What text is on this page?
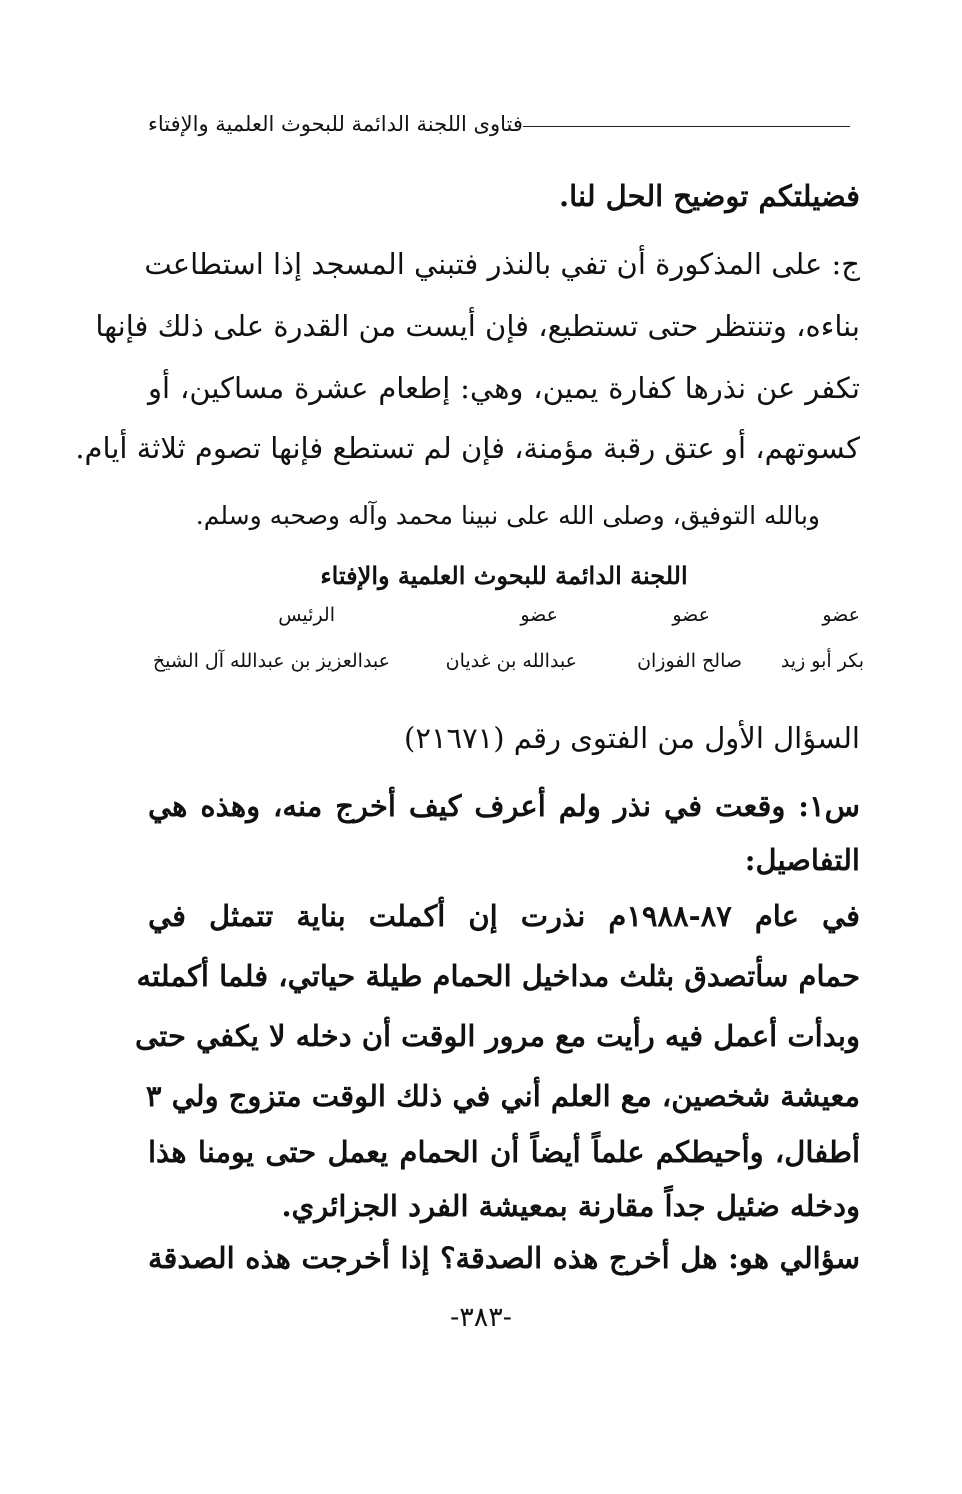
فتاوى اللجنة الدائمة للبحوث العلمية والإفتاء
فضيلتكم توضيح الحل لنا.
ج: على المذكورة أن تفي بالنذر فتبني المسجد إذا استطاعت
بناءه، وتنتظر حتى تستطيع، فإن أيست من القدرة على ذلك فإنها
تكفر عن نذرها كفارة يمين، وهي: إطعام عشرة مساكين، أو
كسوتهم، أو عتق رقبة مؤمنة، فإن لم تستطع فإنها تصوم ثلاثة أيام.
وبالله التوفيق، وصلى الله على نبينا محمد وآله وصحبه وسلم.
اللجنة الدائمة للبحوث العلمية والإفتاء
عضو
عضو
عضو
الرئيس
بكر أبو زيد
صالح الفوزان
عبدالله بن غديان
عبدالعزيز بن عبدالله آل الشيخ
السؤال الأول من الفتوى رقم (٢١٦٧١)
س١: وقعت في نذر ولم أعرف كيف أخرج منه، وهذه هي
التفاصيل:
في عام ٨٧-١٩٨٨م نذرت إن أكملت بناية تتمثل في
حمام سأتصدق بثلث مداخيل الحمام طيلة حياتي، فلما أكملته
وبدأت أعمل فيه رأيت مع مرور الوقت أن دخله لا يكفي حتى
معيشة شخصين، مع العلم أني في ذلك الوقت متزوج ولي ٣
أطفال، وأحيطكم علماً أيضاً أن الحمام يعمل حتى يومنا هذا
ودخله ضئيل جداً مقارنة بمعيشة الفرد الجزائري.
سؤالي هو: هل أخرج هذه الصدقة؟ إذا أخرجت هذه الصدقة
-٣٨٣-
